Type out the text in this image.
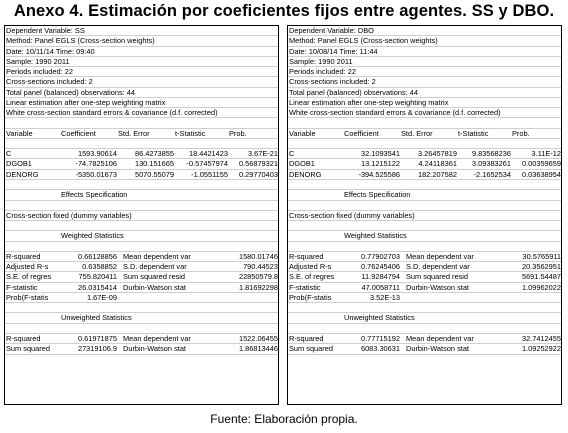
Anexo 4. Estimación por coeficientes fijos entre agentes. SS y DBO.
Dependent Variable: SS
Method: Panel EGLS (Cross-section weights)
Date: 10/11/14 Time: 09:40
Sample: 1990 2011
Periods included: 22
Cross-sections included: 2
Total panel (balanced) observations: 44
Linear estimation after one-step weighting matrix
White cross-section standard errors & covariance (d.f. corrected)
Variable	Coefficient	Std. Error	t-Statistic	Prob.
C	1593.90614	86.4273855	18.4421423	3.67E-21
DGOB1	-74.7825106	130.151665	-0.57457974	0.56879321
DENORG	-5350.01673	5070.55079	-1.0551155	0.29770403
Effects Specification
Cross-section fixed (dummy variables)
Weighted Statistics
R-squared	0.66128856 Mean dependent var	1580.01746
Adjusted R-s	0.6358852 S.D. dependent var	790.44523
S.E. of regres	755.820411 Sum squared resid	22850579.8
F-statistic	26.0315414 Durbin-Watson stat	1.81692298
Prob(F-statis	1.67E-09
Unweighted Statistics
R-squared	0.61971875 Mean dependent var	1522.06455
Sum squared	27319106.9 Durbin-Watson stat	1.86813446
Dependent Variable: DBO
Method: Panel EGLS (Cross-section weights)
Date: 10/08/14 Time: 11:44
Sample: 1990 2011
Periods included: 22
Cross-sections included: 2
Total panel (balanced) observations: 44
Linear estimation after one-step weighting matrix
White cross-section standard errors & covariance (d.f. corrected)
Variable	Coefficient	Std. Error	t-Statistic	Prob.
C	32.1093541	3.26457819	9.83568236	3.11E-12
DGOB1	13.1215122	4.24118361	3.09383261	0.00359659
DENORG	-394.525586	182.207582	-2.1652534	0.03638954
Effects Specification
Cross-section fixed (dummy variables)
Weighted Statistics
R-squared	0.77902703 Mean dependent var	30.5765911
Adjusted R-s	0.76245406 S.D. dependent var	20.3562951
S.E. of regres	11.9284794 Sum squared resid	5691.54487
F-statistic	47.0058711 Durbin-Watson stat	1.09962022
Prob(F-statis	3.52E-13
Unweighted Statistics
R-squared	0.77715192 Mean dependent var	32.7412455
Sum squared	6083.30631 Durbin-Watson stat	1.09252922
Fuente: Elaboración propia.
